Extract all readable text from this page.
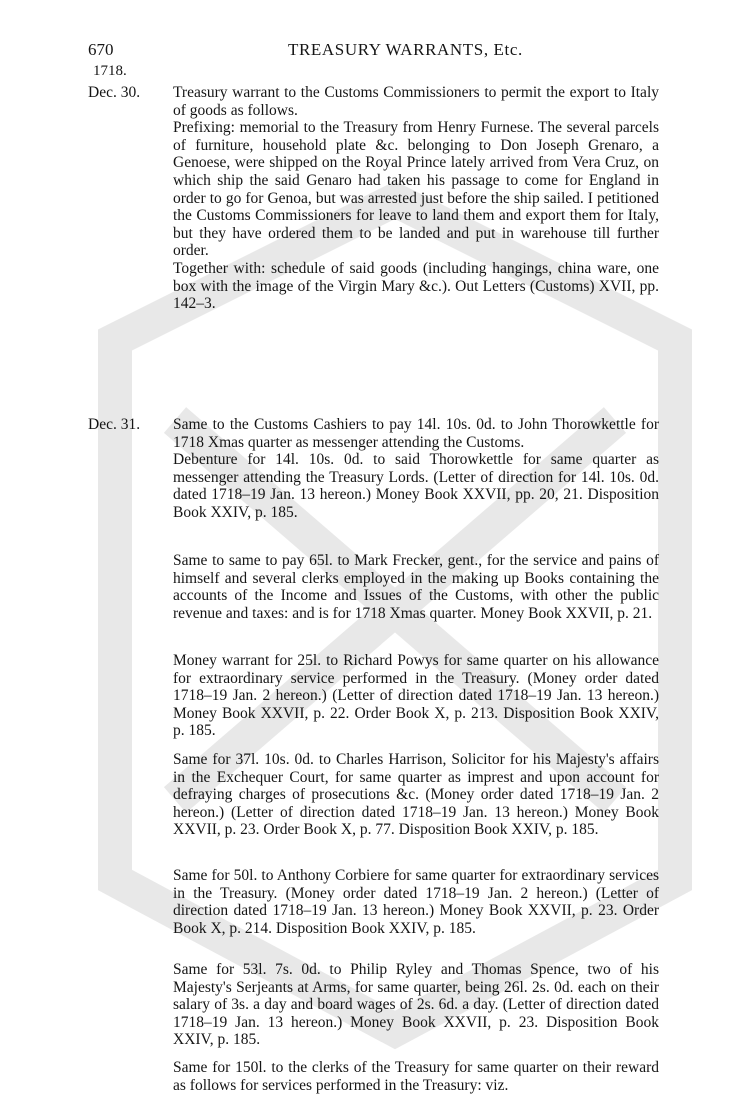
670	TREASURY WARRANTS, Etc.
1718.
Dec. 30. Treasury warrant to the Customs Commissioners to permit the export to Italy of goods as follows.

Prefixing: memorial to the Treasury from Henry Furnese. The several parcels of furniture, household plate &c. belonging to Don Joseph Grenaro, a Genoese, were shipped on the Royal Prince lately arrived from Vera Cruz, on which ship the said Genaro had taken his passage to come for England in order to go for Genoa, but was arrested just before the ship sailed. I petitioned the Customs Commissioners for leave to land them and export them for Italy, but they have ordered them to be landed and put in warehouse till further order.

Together with: schedule of said goods (including hangings, china ware, one box with the image of the Virgin Mary &c.). Out Letters (Customs) XVII, pp. 142–3.

Dec. 31. Same to the Customs Cashiers to pay 14l. 10s. 0d. to John Thorowkettle for 1718 Xmas quarter as messenger attending the Customs.

Debenture for 14l. 10s. 0d. to said Thorowkettle for same quarter as messenger attending the Treasury Lords. (Letter of direction for 14l. 10s. 0d. dated 1718–19 Jan. 13 hereon.) Money Book XXVII, pp. 20, 21. Disposition Book XXIV, p. 185.

Same to same to pay 65l. to Mark Frecker, gent., for the service and pains of himself and several clerks employed in the making up Books containing the accounts of the Income and Issues of the Customs, with other the public revenue and taxes: and is for 1718 Xmas quarter. Money Book XXVII, p. 21.

Money warrant for 25l. to Richard Powys for same quarter on his allowance for extraordinary service performed in the Treasury. (Money order dated 1718–19 Jan. 2 hereon.) (Letter of direction dated 1718–19 Jan. 13 hereon.) Money Book XXVII, p. 22. Order Book X, p. 213. Disposition Book XXIV, p. 185.

Same for 37l. 10s. 0d. to Charles Harrison, Solicitor for his Majesty's affairs in the Exchequer Court, for same quarter as imprest and upon account for defraying charges of prosecutions &c. (Money order dated 1718–19 Jan. 2 hereon.) (Letter of direction dated 1718–19 Jan. 13 hereon.) Money Book XXVII, p. 23. Order Book X, p. 77. Disposition Book XXIV, p. 185.

Same for 50l. to Anthony Corbiere for same quarter for extraordinary services in the Treasury. (Money order dated 1718–19 Jan. 2 hereon.) (Letter of direction dated 1718–19 Jan. 13 hereon.) Money Book XXVII, p. 23. Order Book X, p. 214. Disposition Book XXIV, p. 185.

Same for 53l. 7s. 0d. to Philip Ryley and Thomas Spence, two of his Majesty's Serjeants at Arms, for same quarter, being 26l. 2s. 0d. each on their salary of 3s. a day and board wages of 2s. 6d. a day. (Letter of direction dated 1718–19 Jan. 13 hereon.) Money Book XXVII, p. 23. Disposition Book XXIV, p. 185.

Same for 150l. to the clerks of the Treasury for same quarter on their reward as follows for services performed in the Treasury: viz.
